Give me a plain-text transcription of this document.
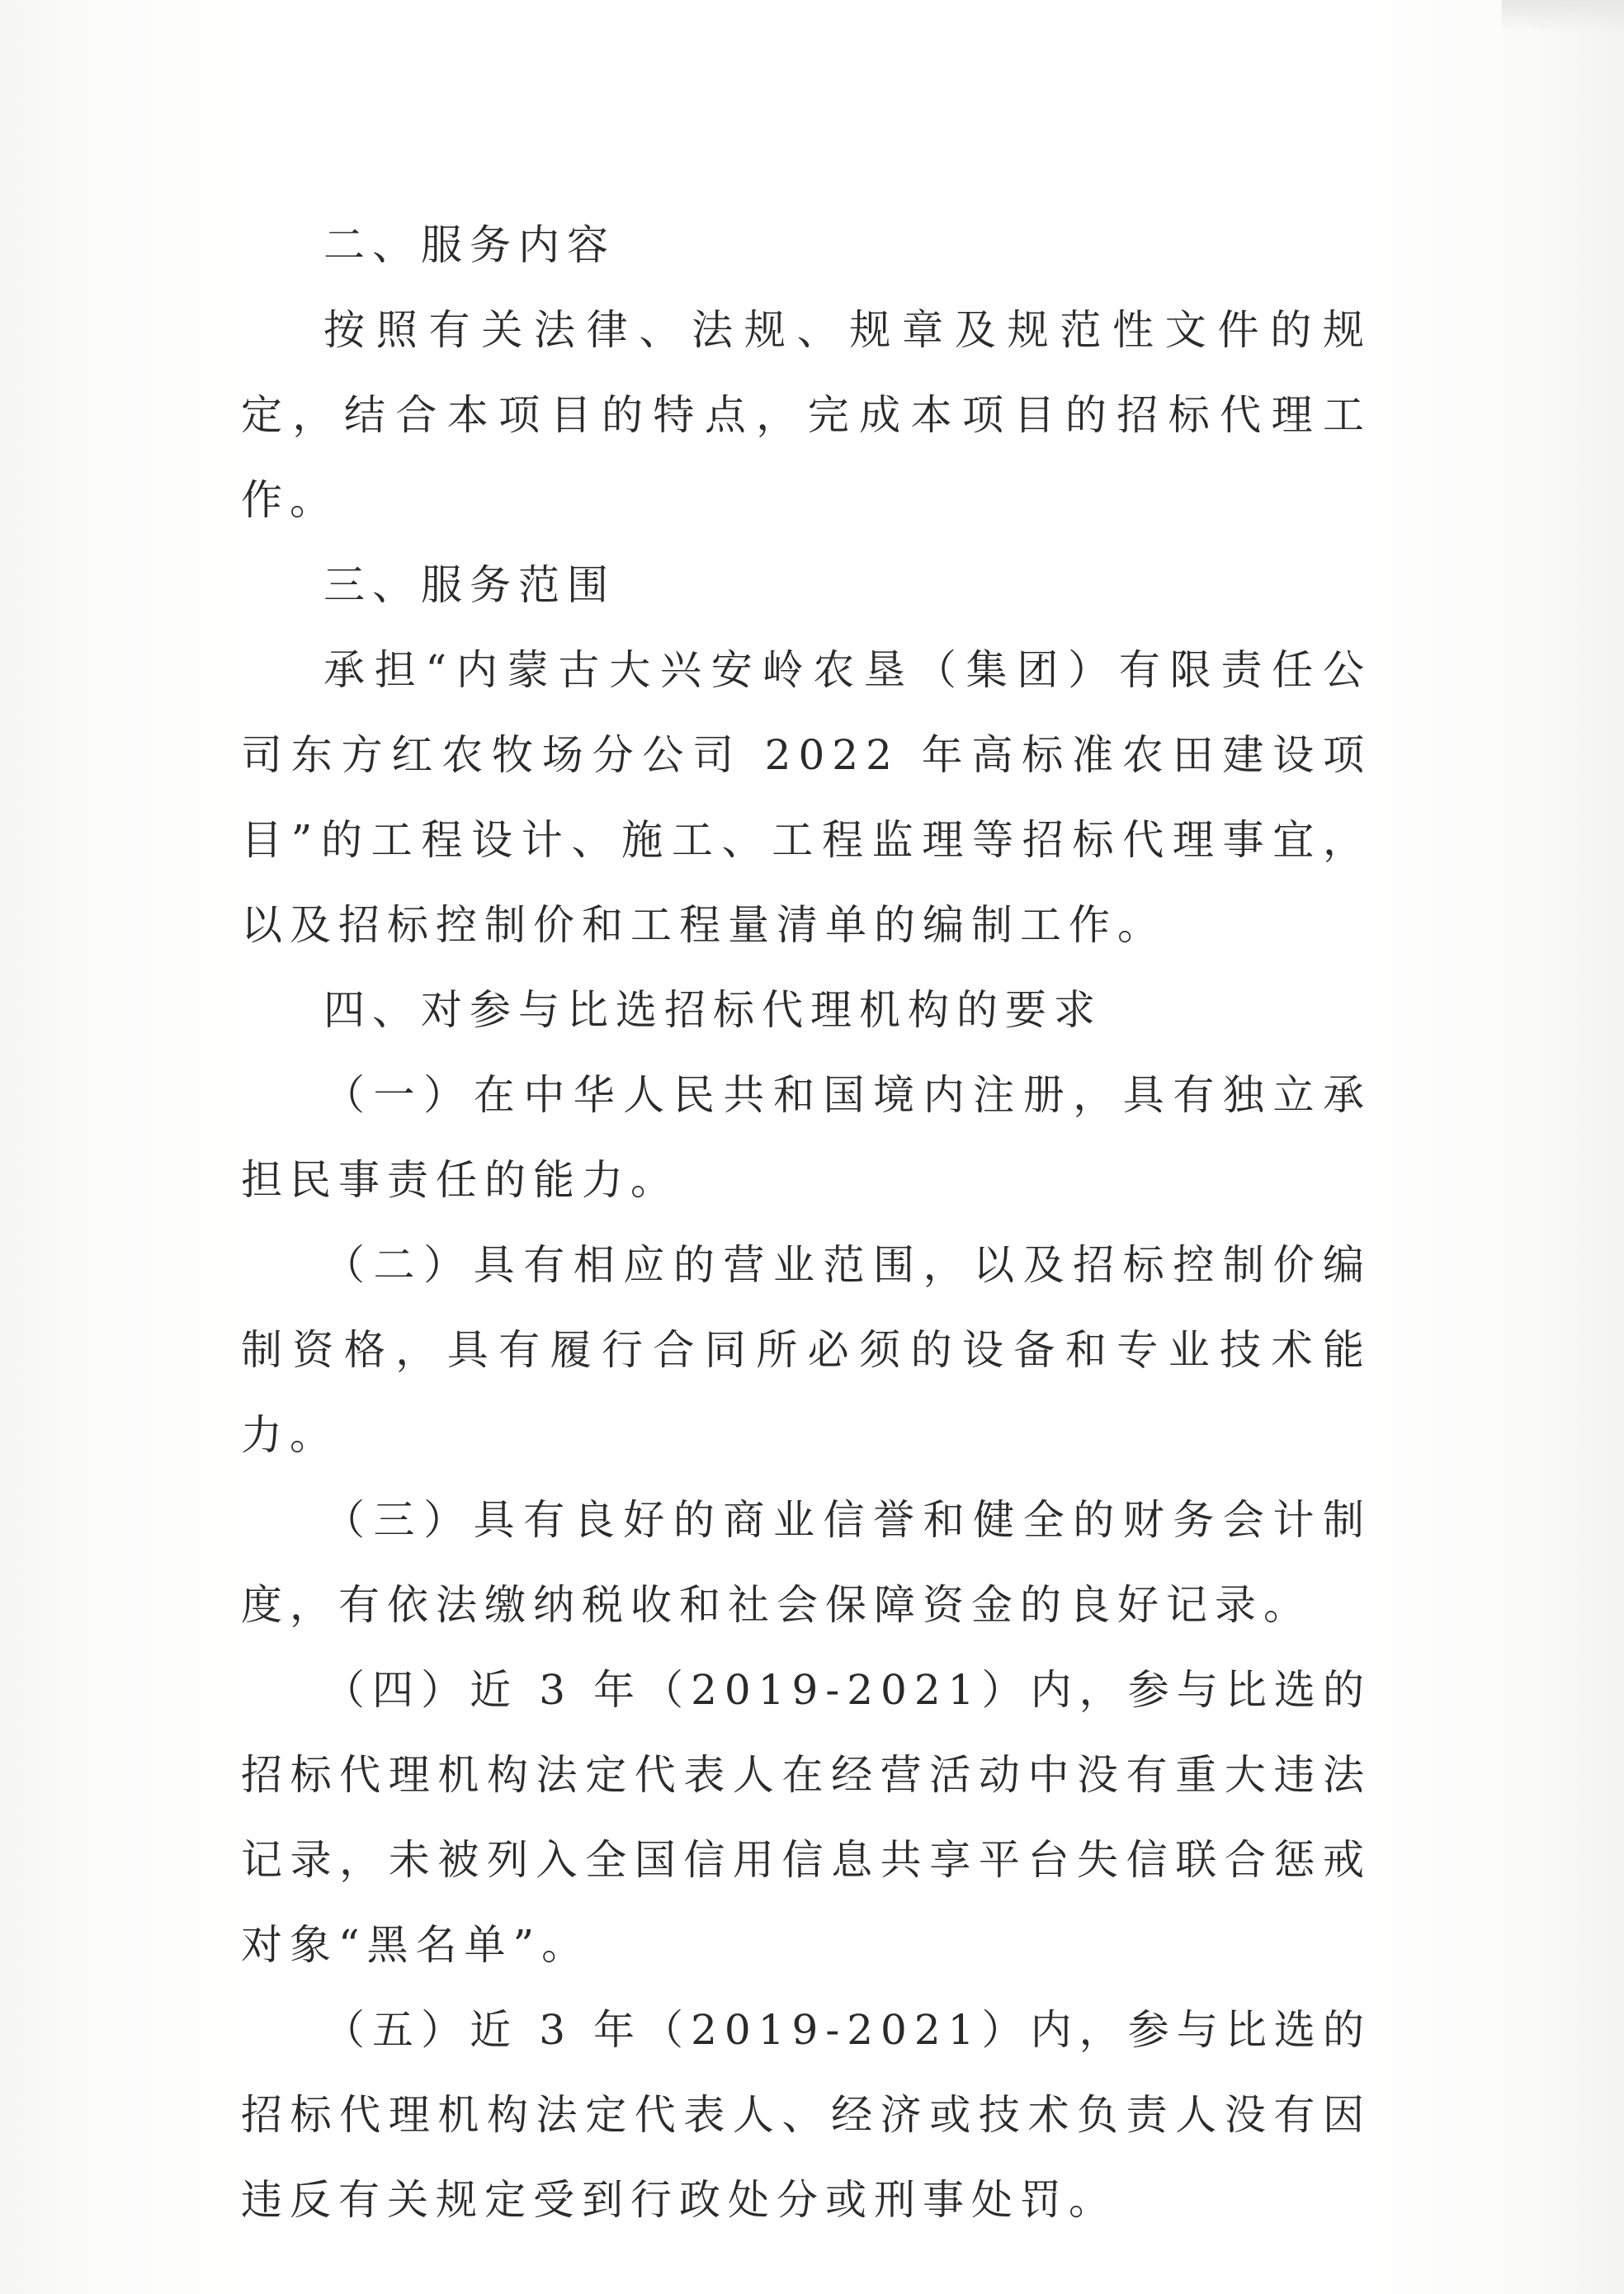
二、服务内容

按照有关法律、法规、规章及规范性文件的规定，结合本项目的特点，完成本项目的招标代理工作。

三、服务范围

承担“内蒙古大兴安岭农垦（集团）有限责任公司东方红农牧场分公司 2022 年高标准农田建设项目”的工程设计、施工、工程监理等招标代理事宜，以及招标控制价和工程量清单的编制工作。

四、对参与比选招标代理机构的要求

（一）在中华人民共和国境内注册，具有独立承担民事责任的能力。

（二）具有相应的营业范围，以及招标控制价编制资格，具有履行合同所必须的设备和专业技术能力。

（三）具有良好的商业信誉和健全的财务会计制度，有依法缴纳税收和社会保障资金的良好记录。

（四）近 3 年（2019-2021）内，参与比选的招标代理机构法定代表人在经营活动中没有重大违法记录，未被列入全国信用信息共享平台失信联合惩戒对象“黑名单”。

（五）近 3 年（2019-2021）内，参与比选的招标代理机构法定代表人、经济或技术负责人没有因违反有关规定受到行政处分或刑事处罚。
